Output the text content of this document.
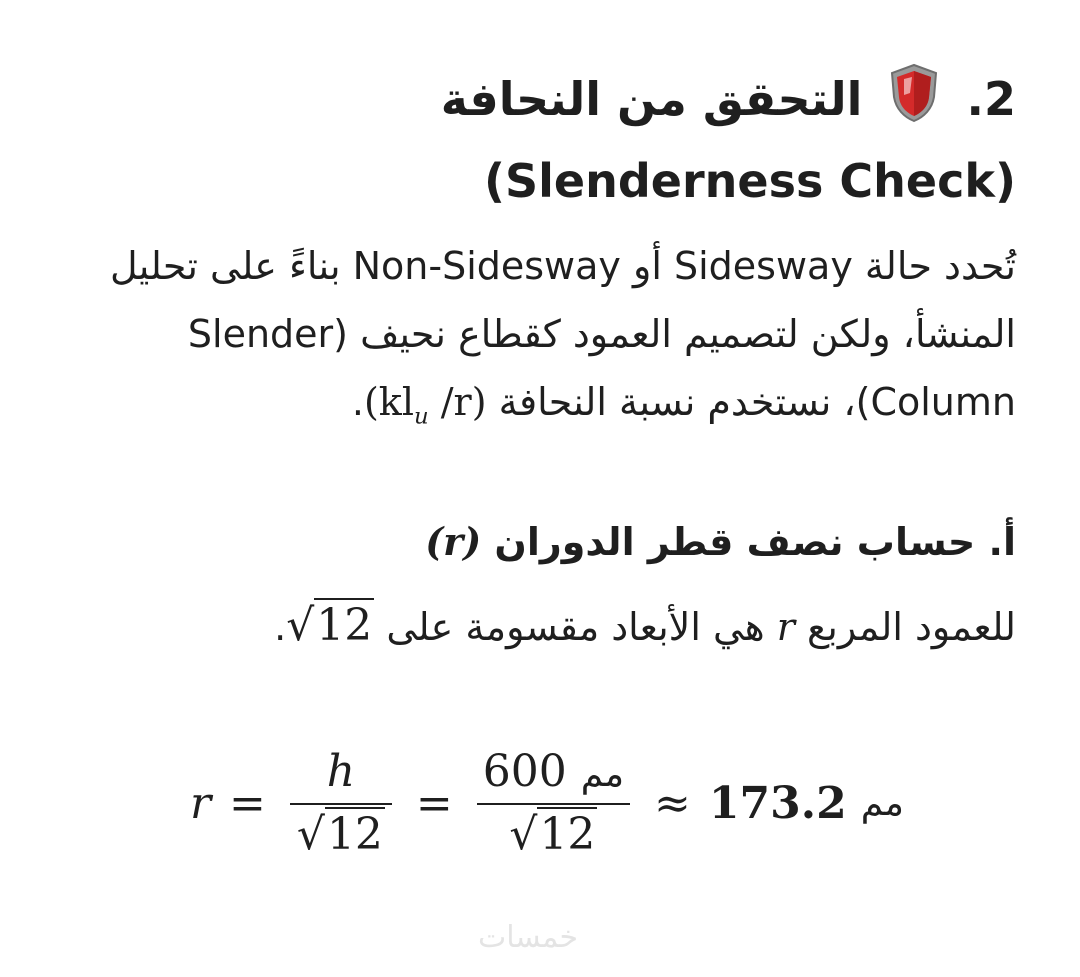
2.  التحقق من النحافة (Slenderness Check)
تُحدد حالة Sidesway أو Non-Sidesway بناءً على تحليل المنشأ، ولكن لتصميم العمود كقطاع نحيف (Slender Column)، نستخدم نسبة النحافة ($kl_u$ /r).
أ. حساب نصف قطر الدوران (r)
للعمود المربع r هي الأبعاد مقسومة على √12.
$r = \frac{h}{√12} = \frac{\text{600 مم}}{√12} \approx 173.2$
مم
خمسات
